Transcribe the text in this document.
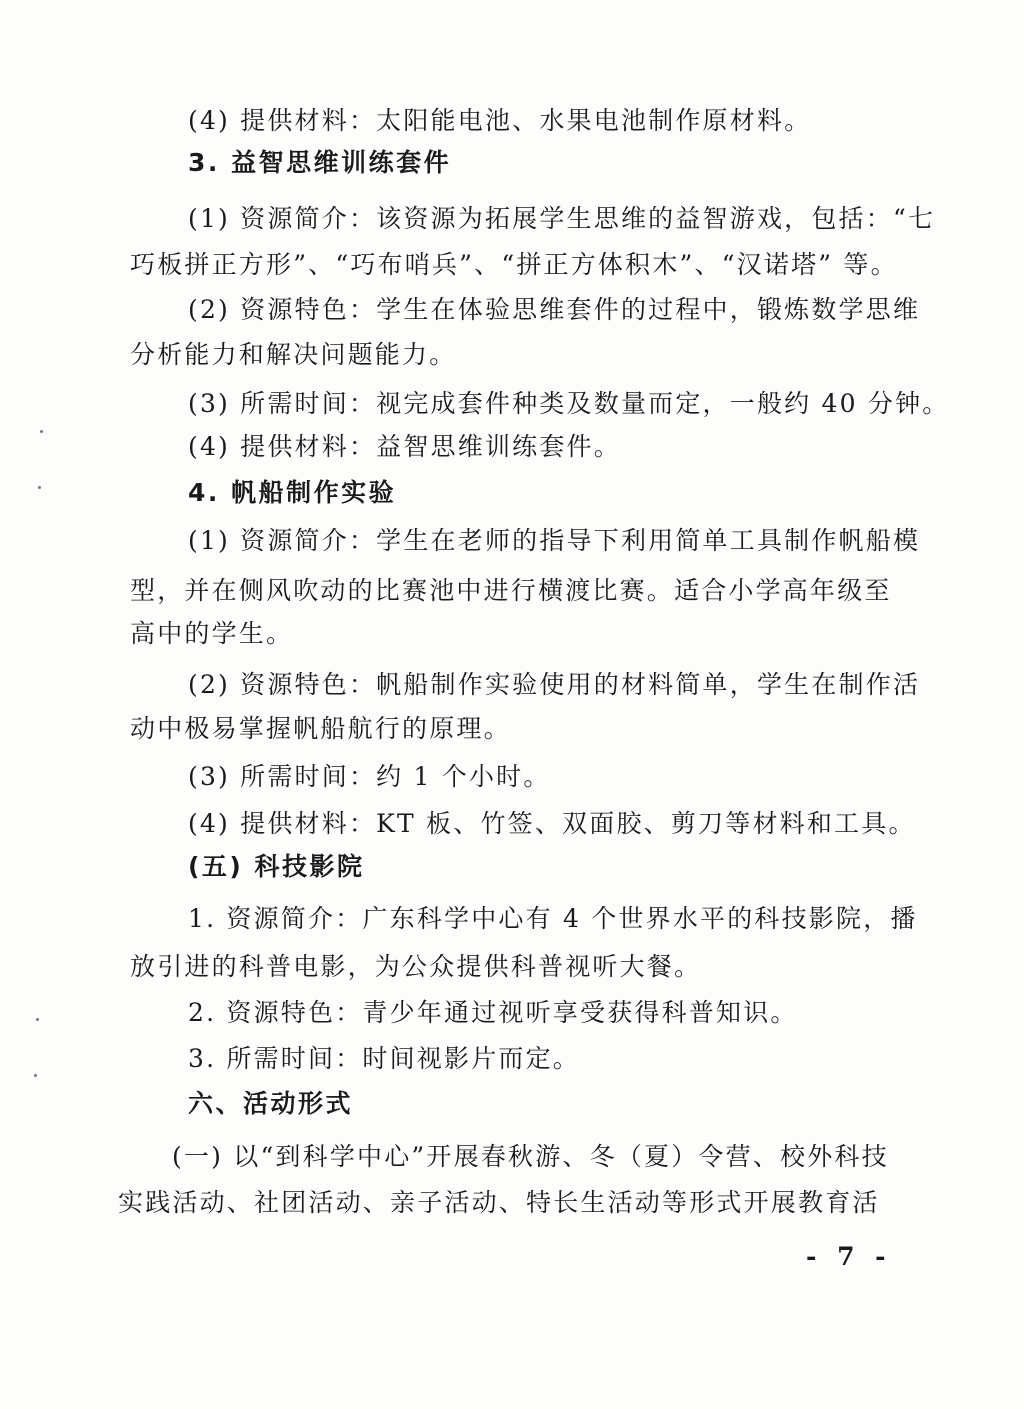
(4) 提供材料：太阳能电池、水果电池制作原材料。
3. 益智思维训练套件
(1) 资源简介：该资源为拓展学生思维的益智游戏，包括：“七
巧板拼正方形”、“巧布哨兵”、“拼正方体积木”、“汉诺塔” 等。
(2) 资源特色：学生在体验思维套件的过程中，锻炼数学思维
分析能力和解决问题能力。
(3) 所需时间：视完成套件种类及数量而定，一般约 40 分钟。
(4) 提供材料：益智思维训练套件。
4. 帆船制作实验
(1) 资源简介：学生在老师的指导下利用简单工具制作帆船模
型，并在侧风吹动的比赛池中进行横渡比赛。适合小学高年级至
高中的学生。
(2) 资源特色：帆船制作实验使用的材料简单，学生在制作活
动中极易掌握帆船航行的原理。
(3) 所需时间：约 1 个小时。
(4) 提供材料：KT 板、竹签、双面胶、剪刀等材料和工具。
(五) 科技影院
1. 资源简介：广东科学中心有 4 个世界水平的科技影院，播
放引进的科普电影，为公众提供科普视听大餐。
2. 资源特色：青少年通过视听享受获得科普知识。
3. 所需时间：时间视影片而定。
六、活动形式
(一) 以“到科学中心”开展春秋游、冬（夏）令营、校外科技
实践活动、社团活动、亲子活动、特长生活动等形式开展教育活
- 7 -
